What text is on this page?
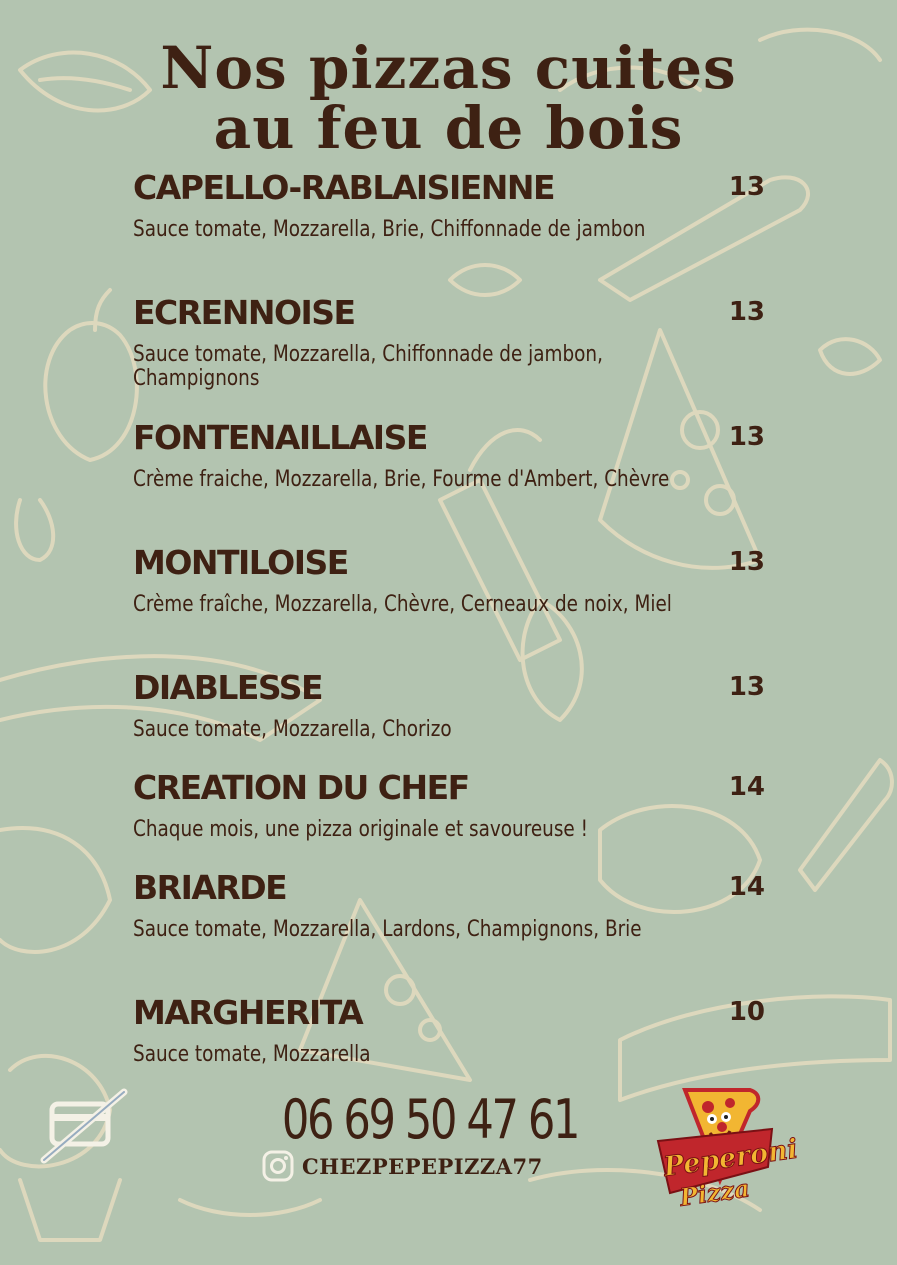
Nos pizzas cuites
au feu de bois
CAPELLO-RABLAISIENNE	13
Sauce tomate, Mozzarella, Brie, Chiffonnade de jambon
ECRENNOISE	13
Sauce tomate, Mozzarella, Chiffonnade de jambon, Champignons
FONTENAILLAISE	13
Crème fraiche, Mozzarella, Brie, Fourme d'Ambert, Chèvre
MONTILOISE	13
Crème fraîche, Mozzarella, Chèvre, Cerneaux de noix, Miel
DIABLESSE	13
Sauce tomate, Mozzarella, Chorizo
CREATION DU CHEF	14
Chaque mois, une pizza originale et savoureuse !
BRIARDE	14
Sauce tomate, Mozzarella, Lardons, Champignons, Brie
MARGHERITA	10
Sauce tomate, Mozzarella
06 69 50 47 61
CHEZPEPEPIZZA77	Peperoni
Pizza
